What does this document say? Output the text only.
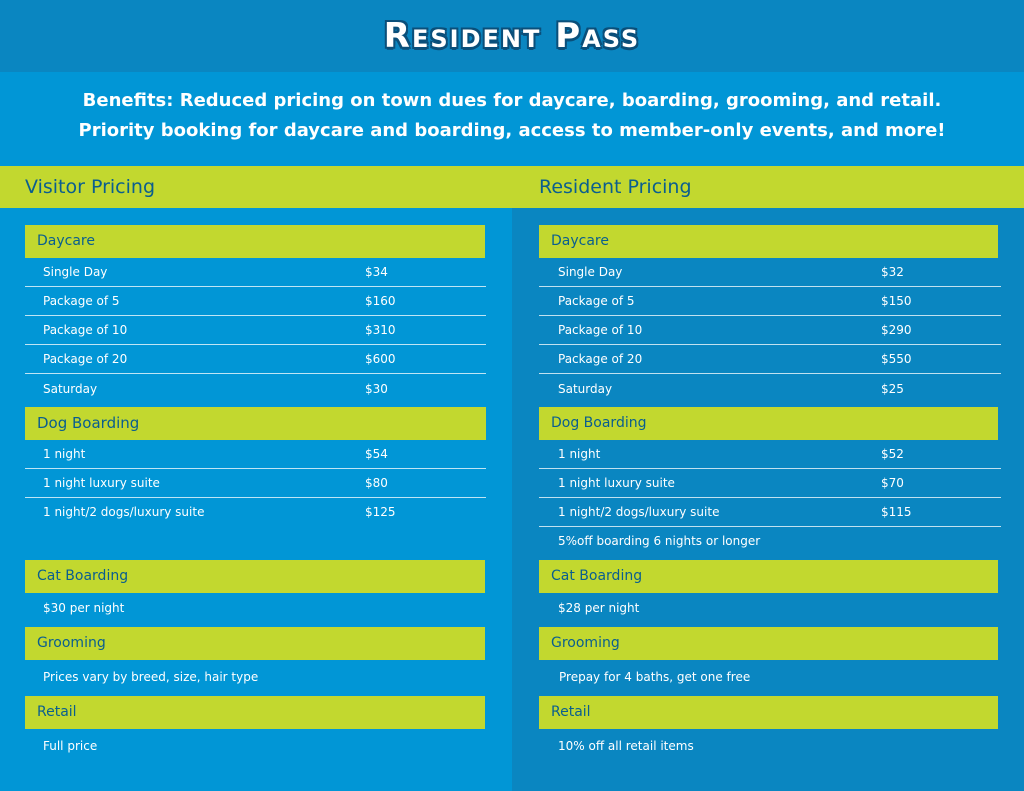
Resident Pass
Benefits: Reduced pricing on town dues for daycare, boarding, grooming, and retail.
Priority booking for daycare and boarding, access to member-only events, and more!
Visitor Pricing	Resident Pricing
Daycare
Single Day	$34
Package of 5	$160
Package of 10	$310
Package of 20	$600
Saturday	$30
Dog Boarding
1 night	$54
1 night luxury suite	$80
1 night/2 dogs/luxury suite	$125
Cat Boarding
$30 per night
Grooming
Prices vary by breed, size, hair type
Retail
Full price
Daycare
Single Day	$32
Package of 5	$150
Package of 10	$290
Package of 20	$550
Saturday	$25
Dog Boarding
1 night	$52
1 night luxury suite	$70
1 night/2 dogs/luxury suite	$115
5%off boarding 6 nights or longer
Cat Boarding
$28 per night
Grooming
Prepay for 4 baths, get one free
Retail
10% off all retail items
